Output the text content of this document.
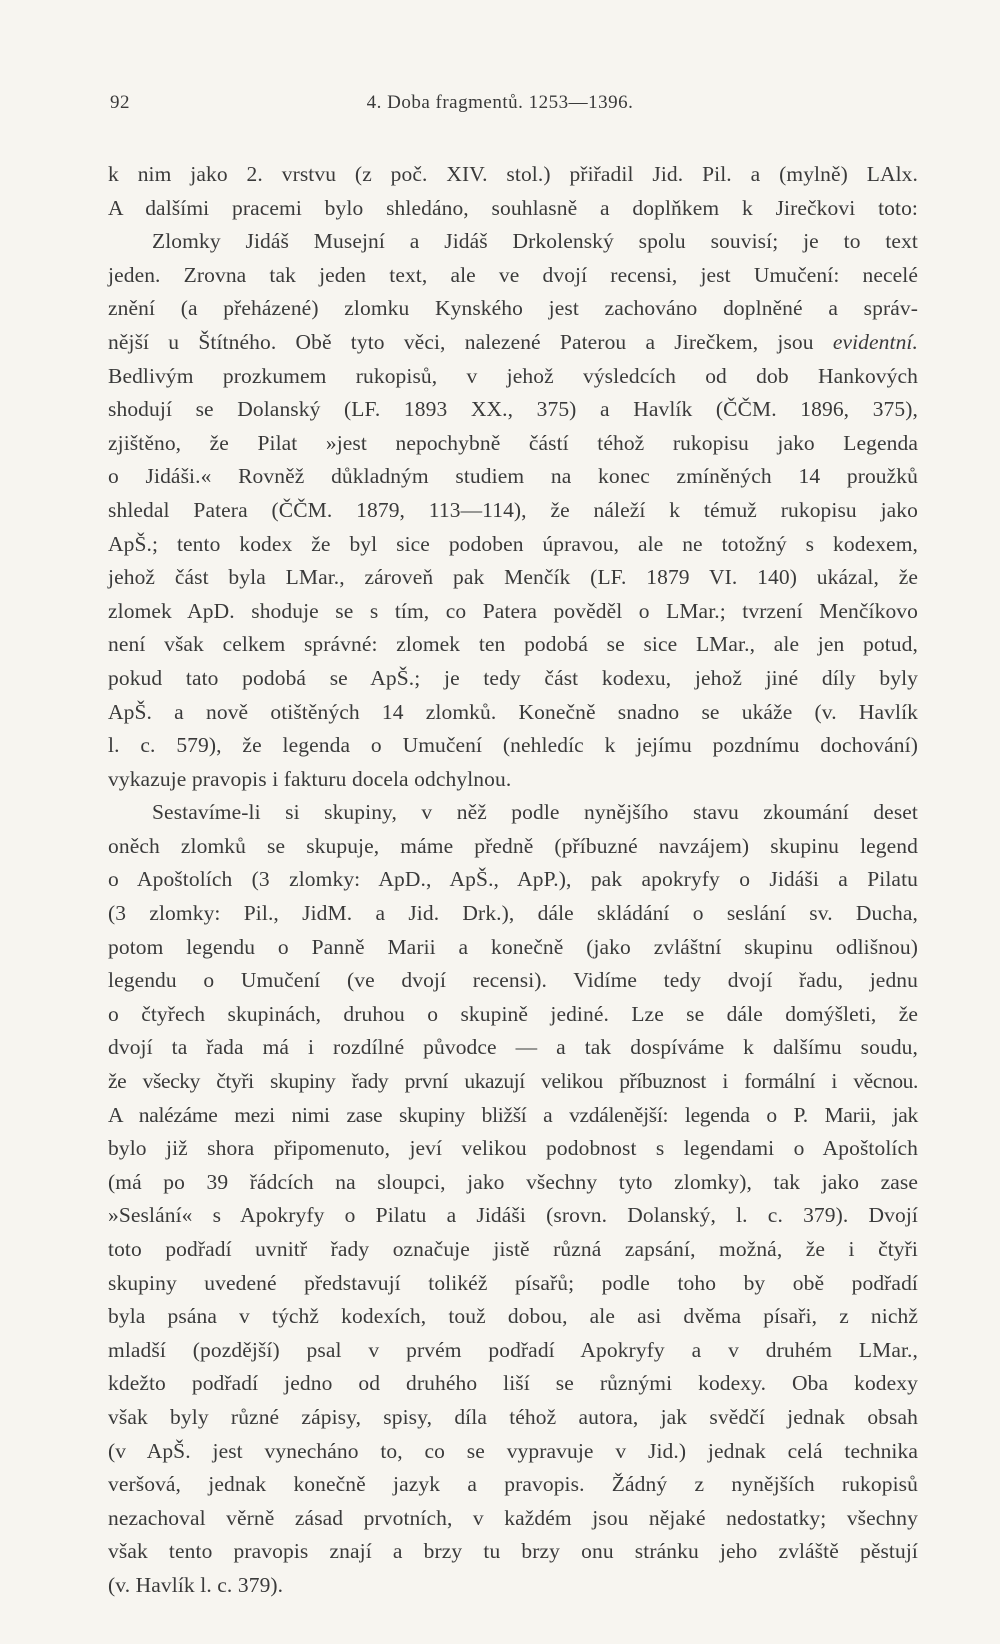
92	4. Doba fragmentů. 1253—1396.
k nim jako 2. vrstvu (z poč. XIV. stol.) přiřadil Jid. Pil. a (mylně) LAlx.
A dalšími pracemi bylo shledáno, souhlasně a doplňkem k Jirečkovi toto:
Zlomky Jidáš Musejní a Jidáš Drkolenský spolu souvisí; je to text
jeden. Zrovna tak jeden text, ale ve dvojí recensi, jest Umučení: necelé
znění (a přeházené) zlomku Kynského jest zachováno doplněné a správ-
nější u Štítného. Obě tyto věci, nalezené Paterou a Jirečkem, jsou evidentní.
Bedlivým prozkumem rukopisů, v jehož výsledcích od dob Hankových
shodují se Dolanský (LF. 1893 XX., 375) a Havlík (ČČM. 1896, 375),
zjištěno, že Pilat »jest nepochybně částí téhož rukopisu jako Legenda
o Jidáši.« Rovněž důkladným studiem na konec zmíněných 14 proužků
shledal Patera (ČČM. 1879, 113—114), že náleží k témuž rukopisu jako
ApŠ.; tento kodex že byl sice podoben úpravou, ale ne totožný s kodexem,
jehož část byla LMar., zároveň pak Menčík (LF. 1879 VI. 140) ukázal, že
zlomek ApD. shoduje se s tím, co Patera pověděl o LMar.; tvrzení Menčíkovo
není však celkem správné: zlomek ten podobá se sice LMar., ale jen potud,
pokud tato podobá se ApŠ.; je tedy část kodexu, jehož jiné díly byly
ApŠ. a nově otištěných 14 zlomků. Konečně snadno se ukáže (v. Havlík
l. c. 579), že legenda o Umučení (nehledíc k jejímu pozdnímu dochování)
vykazuje pravopis i fakturu docela odchylnou.
Sestavíme-li si skupiny, v něž podle nynějšího stavu zkoumání deset
oněch zlomků se skupuje, máme předně (příbuzné navzájem) skupinu legend
o Apoštolích (3 zlomky: ApD., ApŠ., ApP.), pak apokryfy o Jidáši a Pilatu
(3 zlomky: Pil., JidM. a Jid. Drk.), dále skládání o seslání sv. Ducha,
potom legendu o Panně Marii a konečně (jako zvláštní skupinu odlišnou)
legendu o Umučení (ve dvojí recensi). Vidíme tedy dvojí řadu, jednu
o čtyřech skupinách, druhou o skupině jediné. Lze se dále domýšleti, že
dvojí ta řada má i rozdílné původce — a tak dospíváme k dalšímu soudu,
že všecky čtyři skupiny řady první ukazují velikou příbuznost i formální i věcnou.
A nalézáme mezi nimi zase skupiny bližší a vzdálenější: legenda o P. Marii, jak
bylo již shora připomenuto, jeví velikou podobnost s legendami o Apoštolích
(má po 39 řádcích na sloupci, jako všechny tyto zlomky), tak jako zase
»Seslání« s Apokryfy o Pilatu a Jidáši (srovn. Dolanský, l. c. 379). Dvojí
toto podřadí uvnitř řady označuje jistě různá zapsání, možná, že i čtyři
skupiny uvedené představují tolikéž písařů; podle toho by obě podřadí
byla psána v týchž kodexích, touž dobou, ale asi dvěma písaři, z nichž
mladší (pozdější) psal v prvém podřadí Apokryfy a v druhém LMar.,
kdežto podřadí jedno od druhého liší se různými kodexy. Oba kodexy
však byly různé zápisy, spisy, díla téhož autora, jak svědčí jednak obsah
(v ApŠ. jest vynecháno to, co se vypravuje v Jid.) jednak celá technika
veršová, jednak konečně jazyk a pravopis. Žádný z nynějších rukopisů
nezachoval věrně zásad prvotních, v každém jsou nějaké nedostatky; všechny
však tento pravopis znají a brzy tu brzy onu stránku jeho zvláště pěstují
(v. Havlík l. c. 379).
